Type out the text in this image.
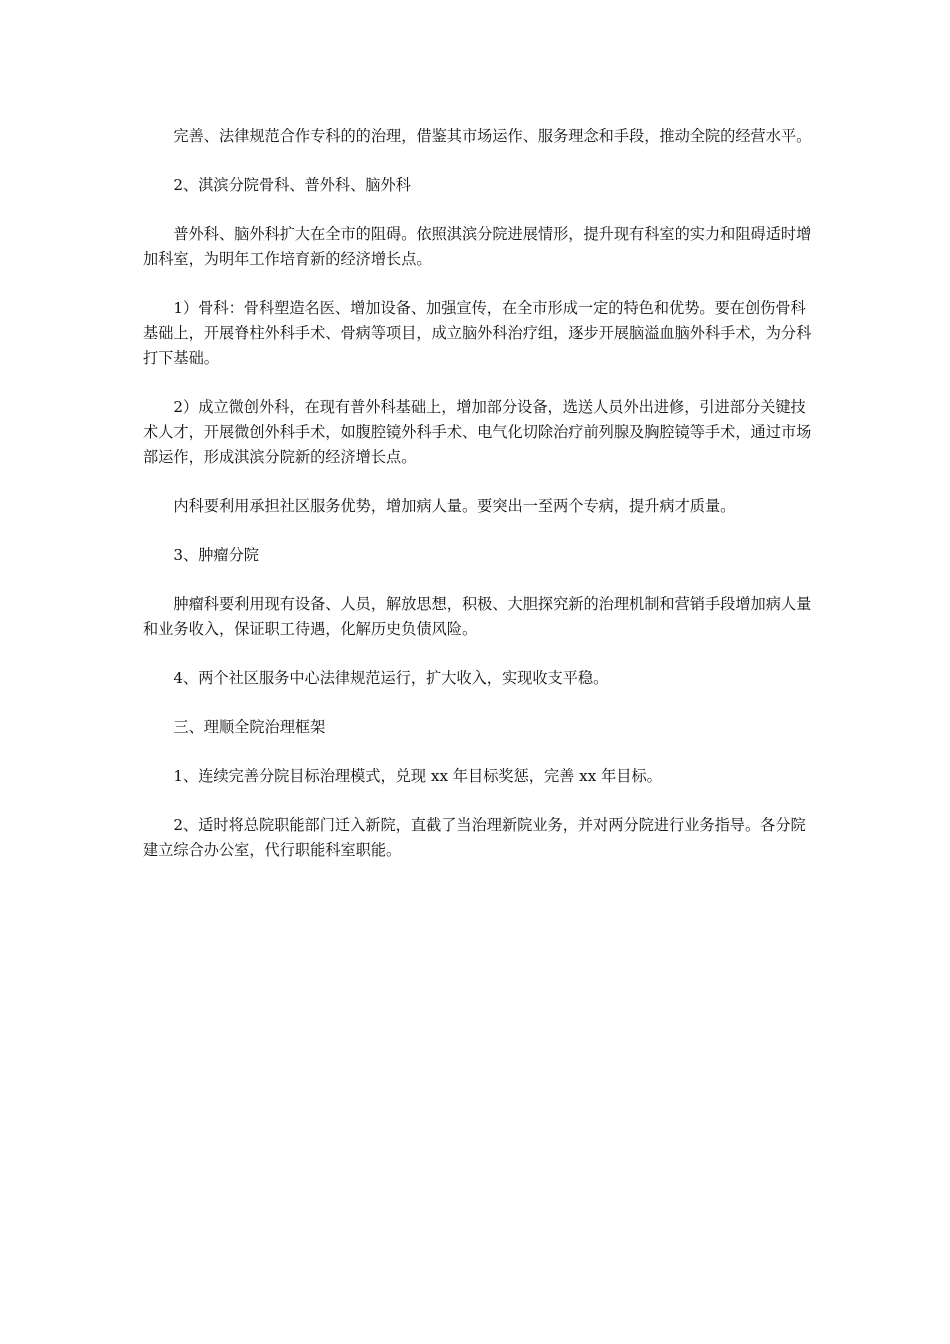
完善、法律规范合作专科的的治理，借鉴其市场运作、服务理念和手段，推动全院的经营水平。

2、淇滨分院骨科、普外科、脑外科

普外科、脑外科扩大在全市的阻碍。依照淇滨分院进展情形，提升现有科室的实力和阻碍适时增加科室，为明年工作培育新的经济增长点。

1）骨科：骨科塑造名医、增加设备、加强宣传，在全市形成一定的特色和优势。要在创伤骨科基础上，开展脊柱外科手术、骨病等项目，成立脑外科治疗组，逐步开展脑溢血脑外科手术，为分科打下基础。

2）成立微创外科，在现有普外科基础上，增加部分设备，选送人员外出进修，引进部分关键技术人才，开展微创外科手术，如腹腔镜外科手术、电气化切除治疗前列腺及胸腔镜等手术，通过市场部运作，形成淇滨分院新的经济增长点。

内科要利用承担社区服务优势，增加病人量。要突出一至两个专病，提升病才质量。

3、肿瘤分院

肿瘤科要利用现有设备、人员，解放思想，积极、大胆探究新的治理机制和营销手段增加病人量和业务收入，保证职工待遇，化解历史负债风险。

4、两个社区服务中心法律规范运行，扩大收入，实现收支平稳。

三、理顺全院治理框架

1、连续完善分院目标治理模式，兑现 xx 年目标奖惩，完善 xx 年目标。

2、适时将总院职能部门迁入新院，直截了当治理新院业务，并对两分院进行业务指导。各分院建立综合办公室，代行职能科室职能。
